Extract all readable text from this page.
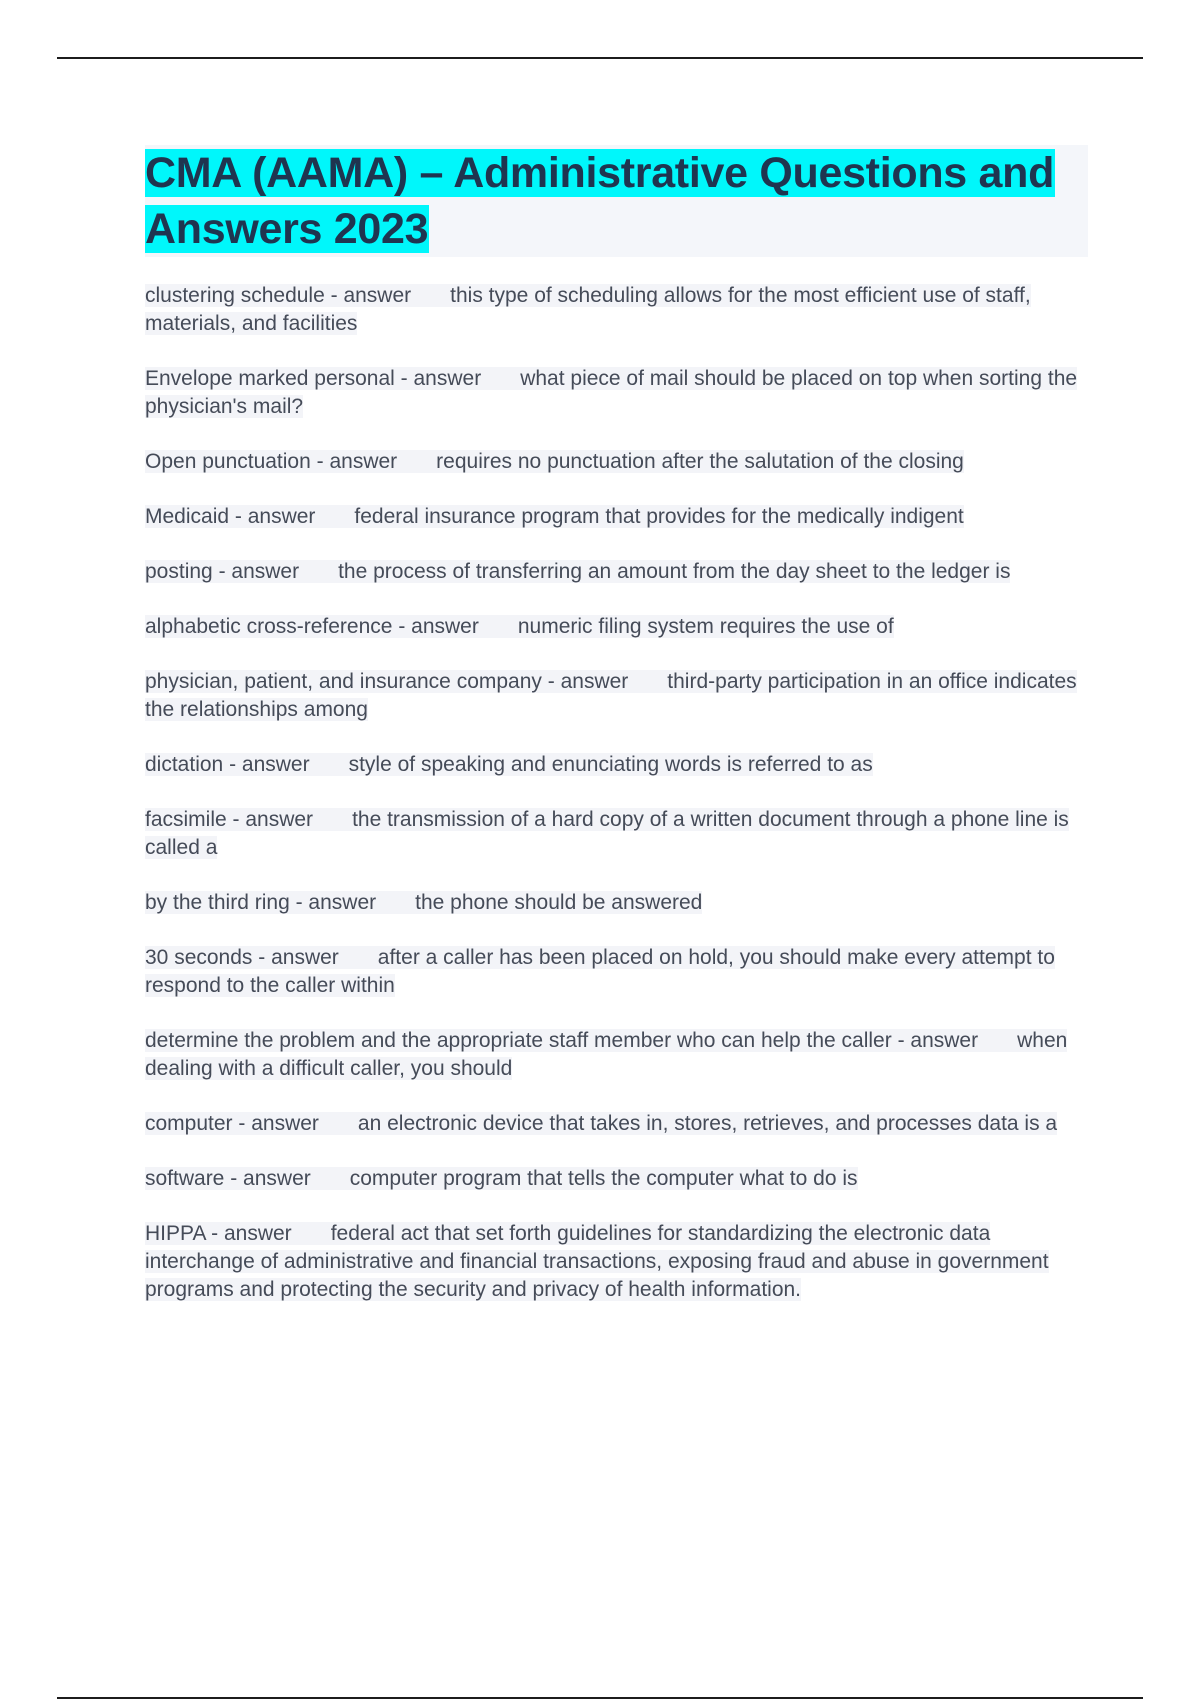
CMA (AAMA) – Administrative Questions and Answers 2023

clustering schedule - answer this type of scheduling allows for the most efficient use of staff, materials, and facilities

Envelope marked personal - answer what piece of mail should be placed on top when sorting the physician's mail?

Open punctuation - answer requires no punctuation after the salutation of the closing

Medicaid - answer federal insurance program that provides for the medically indigent

posting - answer the process of transferring an amount from the day sheet to the ledger is

alphabetic cross-reference - answer numeric filing system requires the use of

physician, patient, and insurance company - answer third-party participation in an office indicates the relationships among

dictation - answer style of speaking and enunciating words is referred to as

facsimile - answer the transmission of a hard copy of a written document through a phone line is called a

by the third ring - answer the phone should be answered

30 seconds - answer after a caller has been placed on hold, you should make every attempt to respond to the caller within

determine the problem and the appropriate staff member who can help the caller - answer when dealing with a difficult caller, you should

computer - answer an electronic device that takes in, stores, retrieves, and processes data is a

software - answer computer program that tells the computer what to do is

HIPPA - answer federal act that set forth guidelines for standardizing the electronic data interchange of administrative and financial transactions, exposing fraud and abuse in government programs and protecting the security and privacy of health information.
